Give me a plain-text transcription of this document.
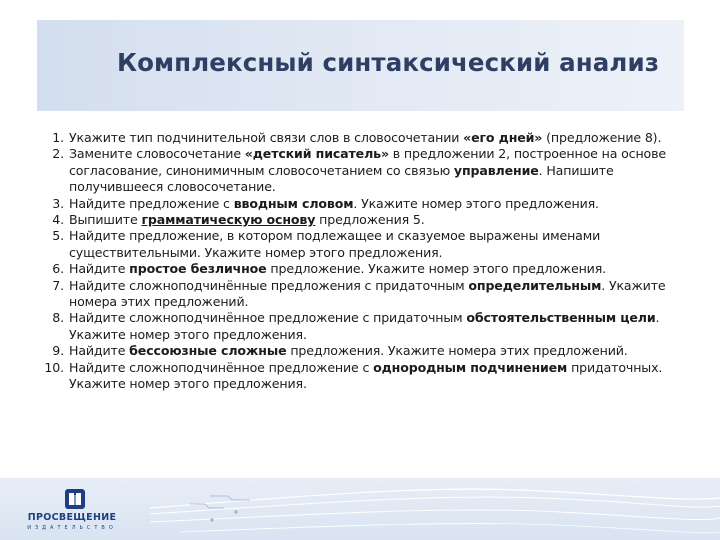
Комплексный синтаксический анализ
1. Укажите тип подчинительной связи слов в словосочетании «его дней» (предложение 8).
2. Замените словосочетание «детский писатель» в предложении 2, построенное на основе согласование, синонимичным словосочетанием со связью управление. Напишите получившееся словосочетание.
3. Найдите предложение с вводным словом. Укажите номер этого предложения.
4. Выпишите грамматическую основу предложения 5.
5. Найдите предложение, в котором подлежащее и сказуемое выражены именами существительными. Укажите номер этого предложения.
6. Найдите простое безличное предложение. Укажите номер этого предложения.
7. Найдите сложноподчинённые предложения с придаточным определительным. Укажите номера этих предложений.
8. Найдите сложноподчинённое предложение с придаточным обстоятельственным цели. Укажите номер этого предложения.
9. Найдите бессоюзные сложные предложения. Укажите номера этих предложений.
10. Найдите сложноподчинённое предложение с однородным подчинением придаточных. Укажите номер этого предложения.
ПРОСВЕЩЕНИЕ
ИЗДАТЕЛЬСТВО
